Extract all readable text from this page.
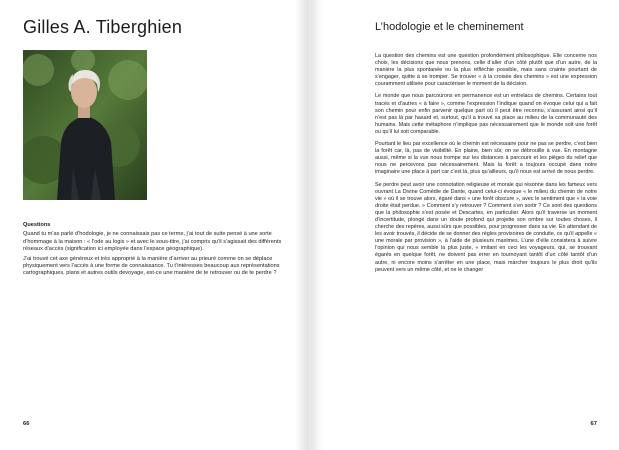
Gilles A. Tiberghien

Questions

Quand tu m’as parlé d’hodologie, je ne connaissais pas ce terme, j’ai tout de suite pensé à une sorte d’hommage à la maison : « l’ode au logis » et avec le sous-titre, j’ai compris qu’il s’agissait des différents réseaux d’accès (signification ici employée dans l’espace géographique).

J’ai trouvé cet axe généreux et très approprié à la manière d’arriver au prieuré comme on se déplace physiquement vers l’accès à une forme de connaissance. Tu t’intéresses beaucoup aux représentations cartographiques, plans et autres outils devoyage, est-ce une manière de te retrouver ou de te perdre ?

66
L’hodologie et le cheminement

La question des chemins est une question profondément philosophique. Elle concerne nos choix, les décisions que nous prenons, celle d’aller d’un côté plutôt que d’un autre, de la manière la plus spontanée ou la plus réfléchie possible, mais sans crainte pourtant de s’engager, quitte à se tromper. Se trouver « à la croisée des chemins » est une expression couramment utilisée pour caractériser le moment de la décision.

Le monde que nous parcourons en permanence est un entrelacs de chemins. Certains tout tracés et d’autres « à faire », comme l’expression l’indique quand on évoque celui qui a fait son chemin pour enfin parvenir quelque part où il peut être reconnu, s’assurant ainsi qu’il n’est pas là par hasard et, surtout, qu’il a trouvé sa place au milieu de la communauté des humains. Mais cette métaphore n’implique pas nécessairement que le monde soit une forêt ou qu’il lui soit comparable.

Pourtant le lieu par excellence où le chemin est nécessaire pour ne pas se perdre, c’est bien la forêt car, là, pas de visibilité. En plaine, bien sûr, on se débrouille à vue. En montagne aussi, même si la vue nous trompe sur les distances à parcourir et les pièges du relief que nous ne percevons pas nécessairement. Mais la forêt a toujours occupé dans notre imaginaire une place à part car c’est là, plus qu’ailleurs, qu’il nous est arrivé de nous perdre.

Se perdre peut avoir une connotation religieuse et morale qui résonne dans les fameux vers ouvrant La Divine Comédie de Dante, quand celui-ci évoque « le milieu du chemin de notre vie » où il se trouve alors, égaré dans « une forêt obscure », avec le sentiment que « la voie droite était perdue. » Comment s’y retrouver ? Comment s’en sortir ? Ce sont des questions que la philosophie s’est posée et Descartes, en particulier. Alors qu’il traverse un moment d’incertitude, plongé dans un doute profond qui projette son ombre sur toutes choses, il cherche des repères, aussi sûrs que possibles, pour progresser dans sa vie. En attendant de les avoir trouvés, il décide de se donner des règles provisoires de conduite, ce qu’il appelle « une morale par provision », à l’aide de plusieurs maximes. L’une d’elle consistera à suivre l’opinion qui nous semble la plus juste, « imitant en ceci les voyageurs, qui, se trouvant égarés en quelque forêt, ne doivent pas errer en tournoyant tantôt d’un côté tantôt d’un autre, ni encore moins s’arrêter en une place, mais marcher toujours le plus droit qu’ils peuvent vers un même côté, et ne le changer

67
